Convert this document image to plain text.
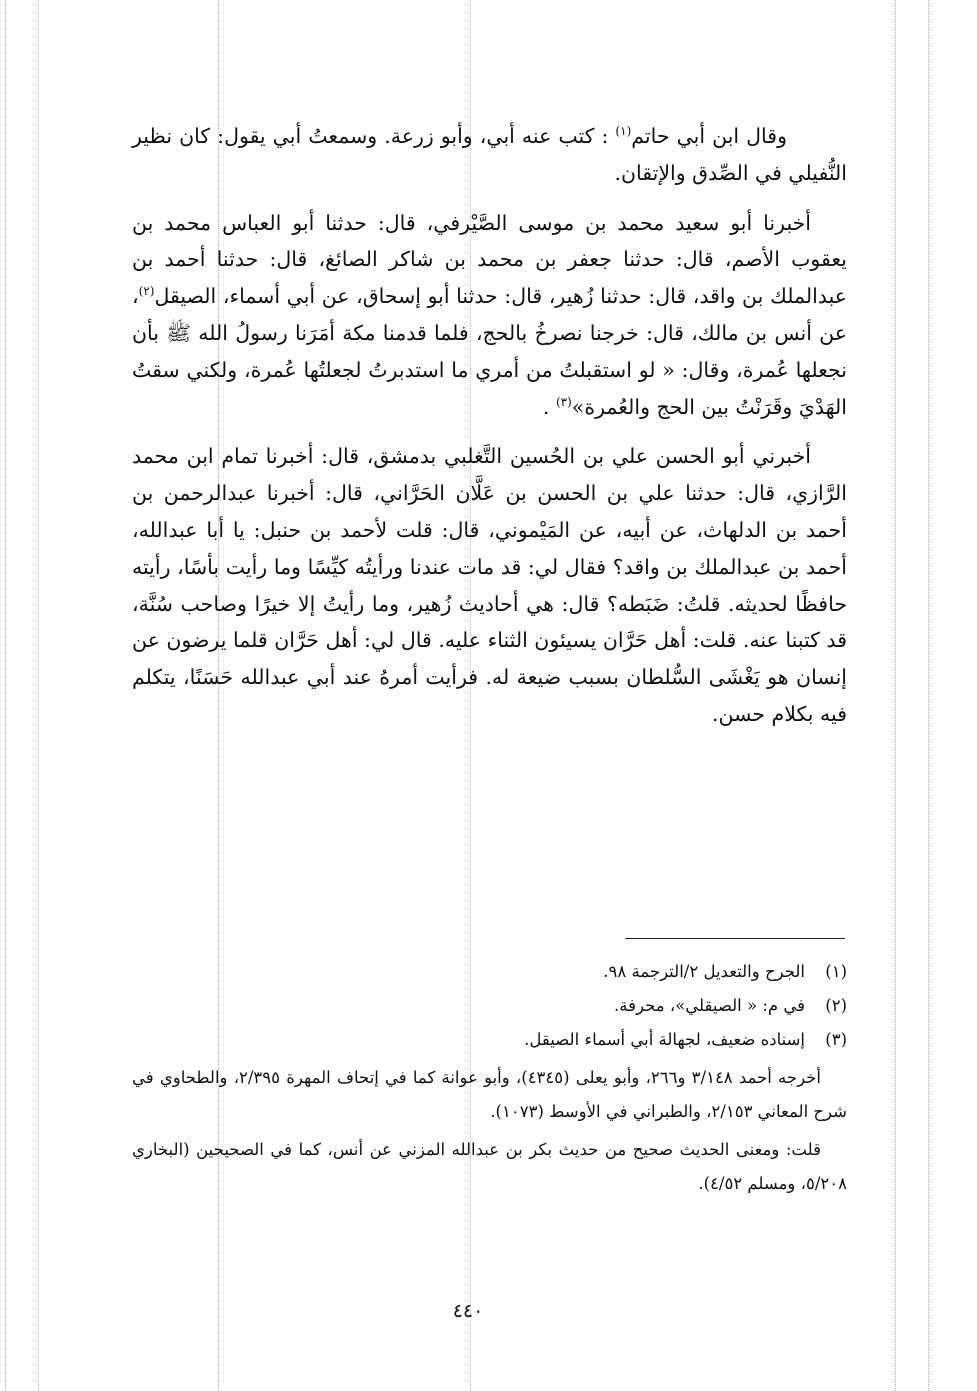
وقال ابن أبي حاتم$^{(١)}$ : كتب عنه أبي، وأبو زرعة. وسمعتُ أبي يقول: كان نظير النُّفيلي في الصِّدق والإتقان.

أخبرنا أبو سعيد محمد بن موسى الصَّيْرفي، قال: حدثنا أبو العباس محمد بن يعقوب الأصم، قال: حدثنا جعفر بن محمد بن شاكر الصائغ، قال: حدثنا أحمد بن عبدالملك بن واقد، قال: حدثنا زُهير، قال: حدثنا أبو إسحاق، عن أبي أسماء، الصيقل$^{(٢)}$، عن أنس بن مالك، قال: خرجنا نصرخُ بالحج، فلما قدمنا مكة أمَرَنا رسولُ الله ﷺ بأن نجعلها عُمرة، وقال: « لو استقبلتُ من أمري ما استدبرتُ لجعلتُها عُمرة، ولكني سقتُ الهَدْيَ وقَرَنْتُ بين الحج والعُمرة»$^{(٣)}$ .

أخبرني أبو الحسن علي بن الحُسين التَّغلبي بدمشق، قال: أخبرنا تمام ابن محمد الرَّازي، قال: حدثنا علي بن الحسن بن عَلَّان الحَرَّاني، قال: أخبرنا عبدالرحمن بن أحمد بن الدلهاث، عن أبيه، عن المَيْموني، قال: قلت لأحمد بن حنبل: يا أبا عبدالله، أحمد بن عبدالملك بن واقد؟ فقال لي: قد مات عندنا ورأيتُه كيِّسًا وما رأيت بأسًا، رأيته حافظًا لحديثه. قلتُ: ضَبَطه؟ قال: هي أحاديث زُهير، وما رأيتُ إلا خيرًا وصاحب سُنَّة، قد كتبنا عنه. قلت: أهل حَرَّان يسيئون الثناء عليه. قال لي: أهل حَرَّان قلما يرضون عن إنسان هو يَغْشَى السُّلطان بسبب ضيعة له. فرأيت أمرهُ عند أبي عبدالله حَسَنًا، يتكلم فيه بكلام حسن.

(١)
الجرح والتعديل ٢/الترجمة ٩٨.
(٢)
في م: « الصيقلي»، محرفة.
(٣)
إسناده ضعيف، لجهالة أبي أسماء الصيقل.
أخرجه أحمد ٣/١٤٨ و٢٦٦، وأبو يعلى (٤٣٤٥)، وأبو عوانة كما في إتحاف المهرة ٢/٣٩٥، والطحاوي في شرح المعاني ٢/١٥٣، والطبراني في الأوسط (١٠٧٣).
قلت: ومعنى الحديث صحيح من حديث بكر بن عبدالله المزني عن أنس، كما في الصحيحين (البخاري ٥/٢٠٨، ومسلم ٤/٥٢).
٤٤٠
